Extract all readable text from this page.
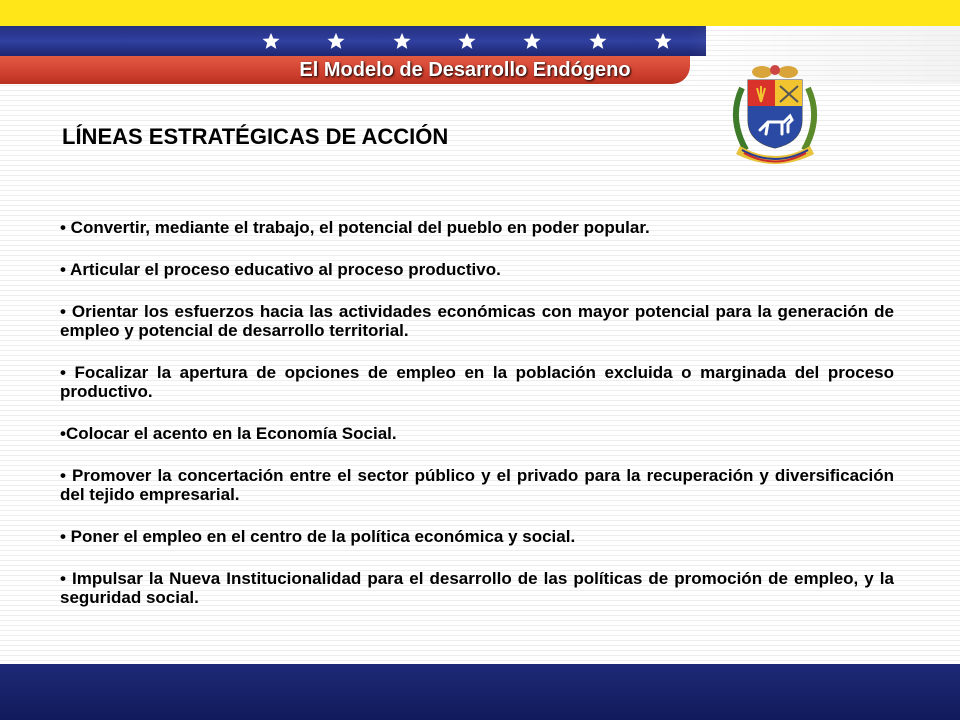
El Modelo de Desarrollo Endógeno
LÍNEAS ESTRATÉGICAS DE ACCIÓN
• Convertir, mediante el trabajo, el potencial del pueblo en poder popular.
• Articular el proceso educativo al proceso productivo.
• Orientar los esfuerzos hacia las actividades económicas con mayor potencial para la generación de empleo y potencial de desarrollo territorial.
• Focalizar la apertura de opciones de empleo en la población excluida o marginada del proceso productivo.
•Colocar el acento en la Economía Social.
• Promover la concertación entre el sector público y el privado para la recuperación y diversificación del tejido empresarial.
• Poner el empleo en el centro de la política económica y social.
• Impulsar la Nueva Institucionalidad para el desarrollo de las políticas de promoción de empleo, y la seguridad social.
